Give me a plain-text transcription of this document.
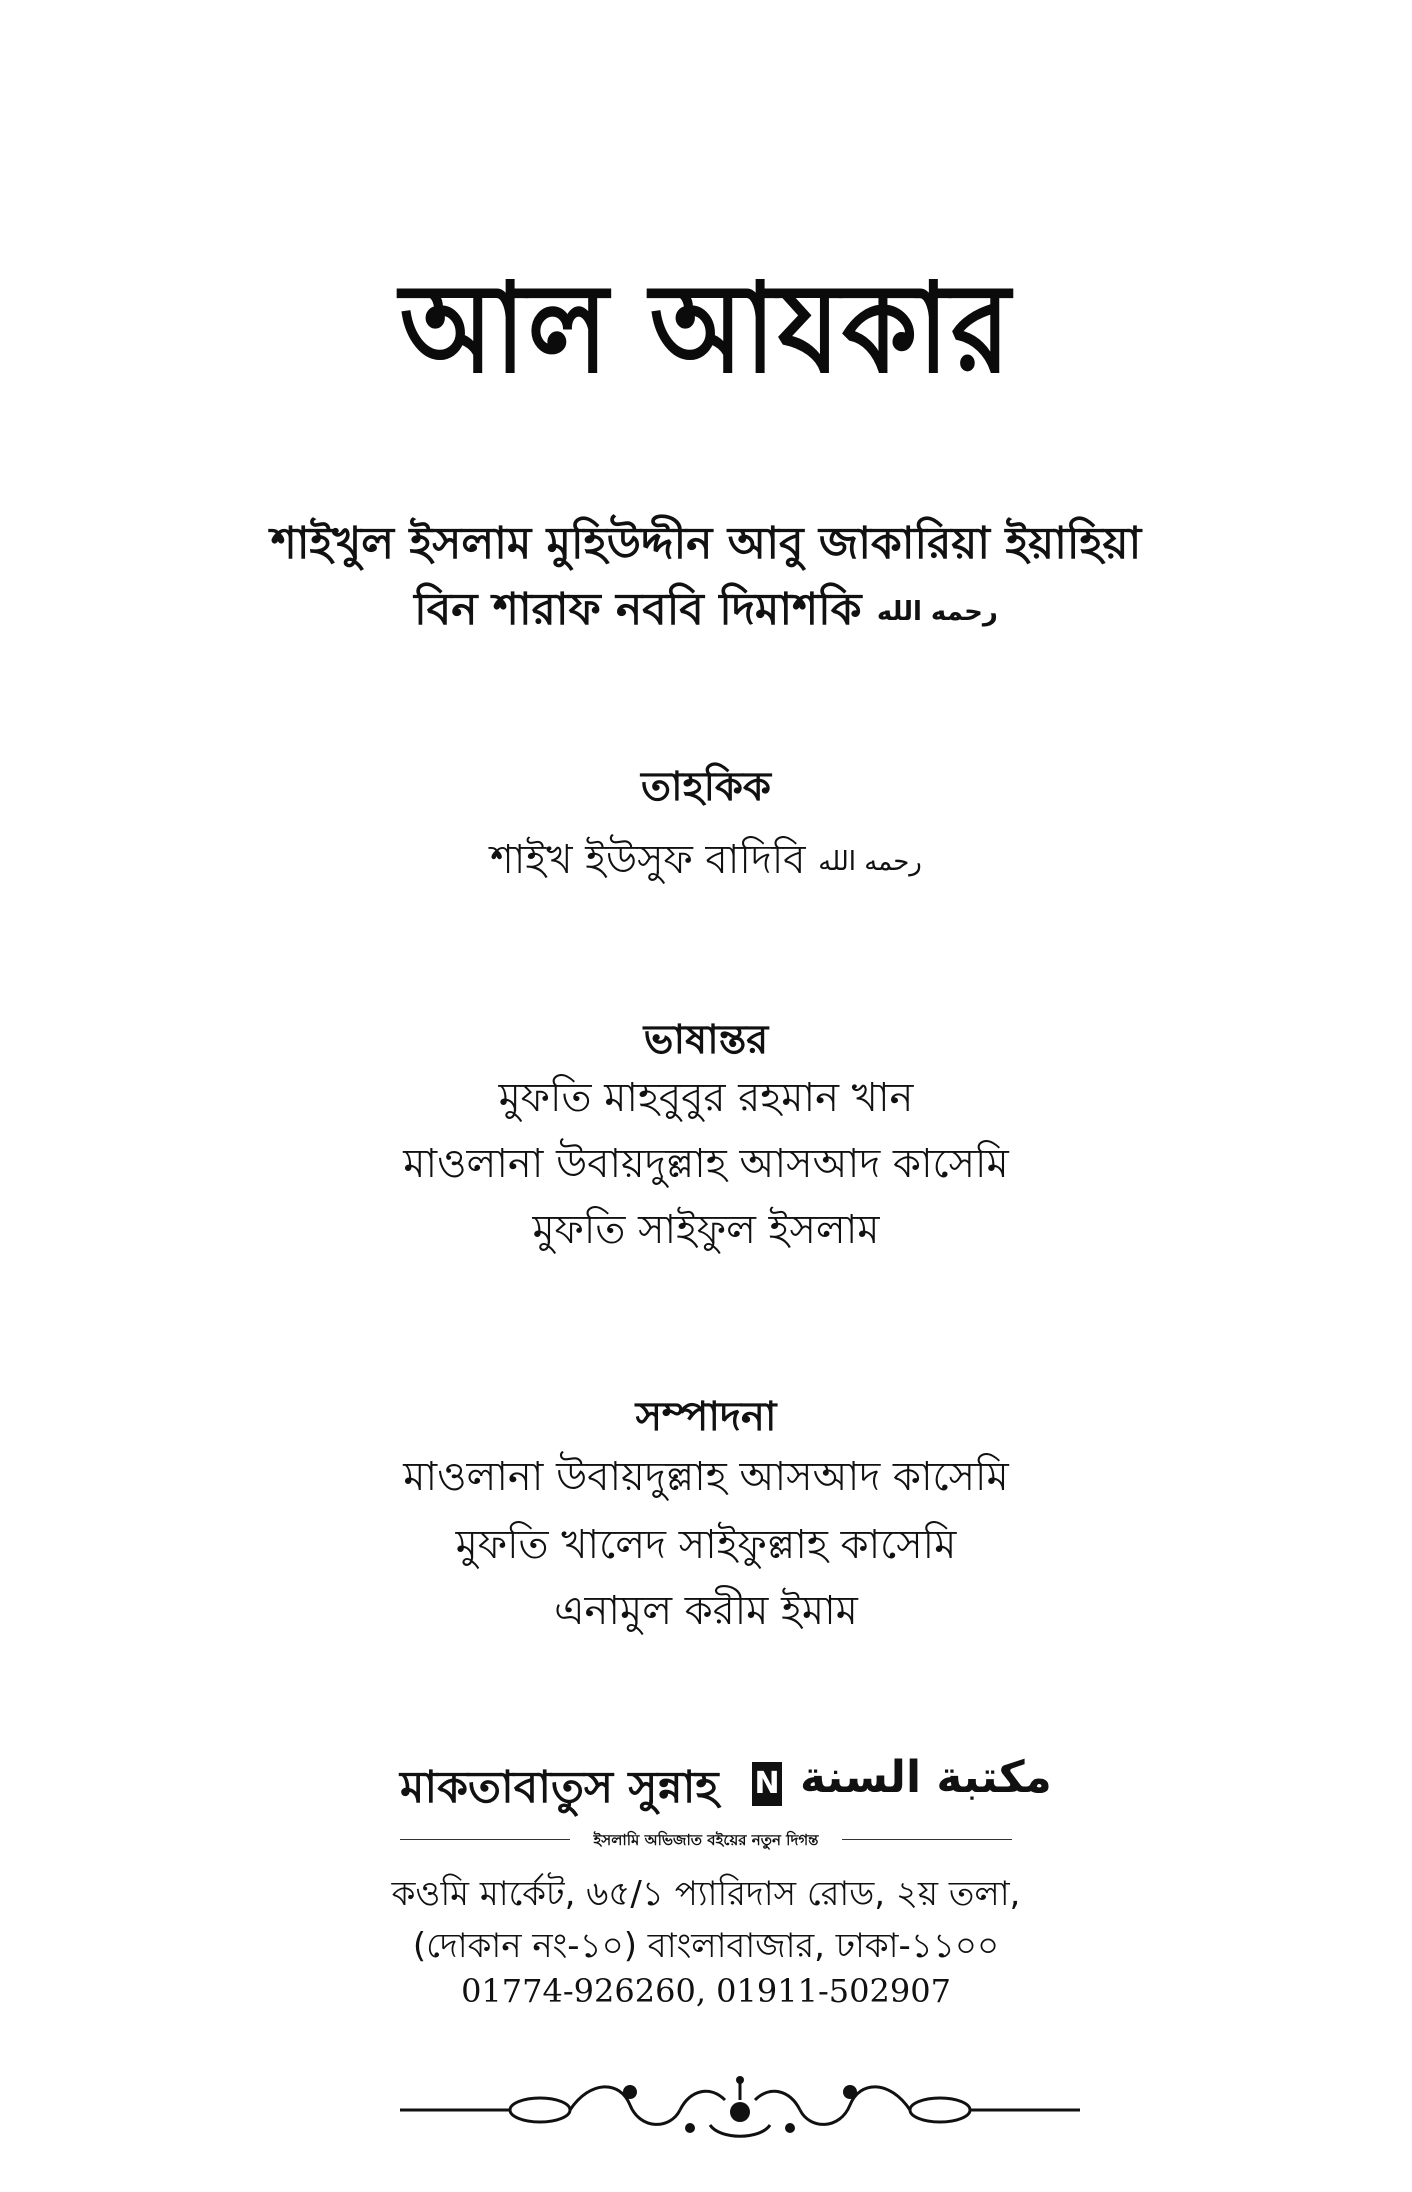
আল আযকার
শাইখুল ইসলাম মুহিউদ্দীন আবু জাকারিয়া ইয়াহিয়া
বিন শারাফ নববি দিমাশকি رحمه الله
তাহকিক
শাইখ ইউসুফ বাদিবি رحمه الله
ভাষান্তর
মুফতি মাহবুবুর রহমান খান
মাওলানা উবায়দুল্লাহ আসআদ কাসেমি
মুফতি সাইফুল ইসলাম
সম্পাদনা
মাওলানা উবায়দুল্লাহ আসআদ কাসেমি
মুফতি খালেদ সাইফুল্লাহ কাসেমি
এনামুল করীম ইমাম
মাকতাবাতুস সুন্নাহ N مكتبة السنة
ইসলামি অভিজাত বইয়ের নতুন দিগন্ত
কওমি মার্কেট, ৬৫/১ প্যারিদাস রোড, ২য় তলা,
(দোকান নং-১০) বাংলাবাজার, ঢাকা-১১০০
01774-926260, 01911-502907
